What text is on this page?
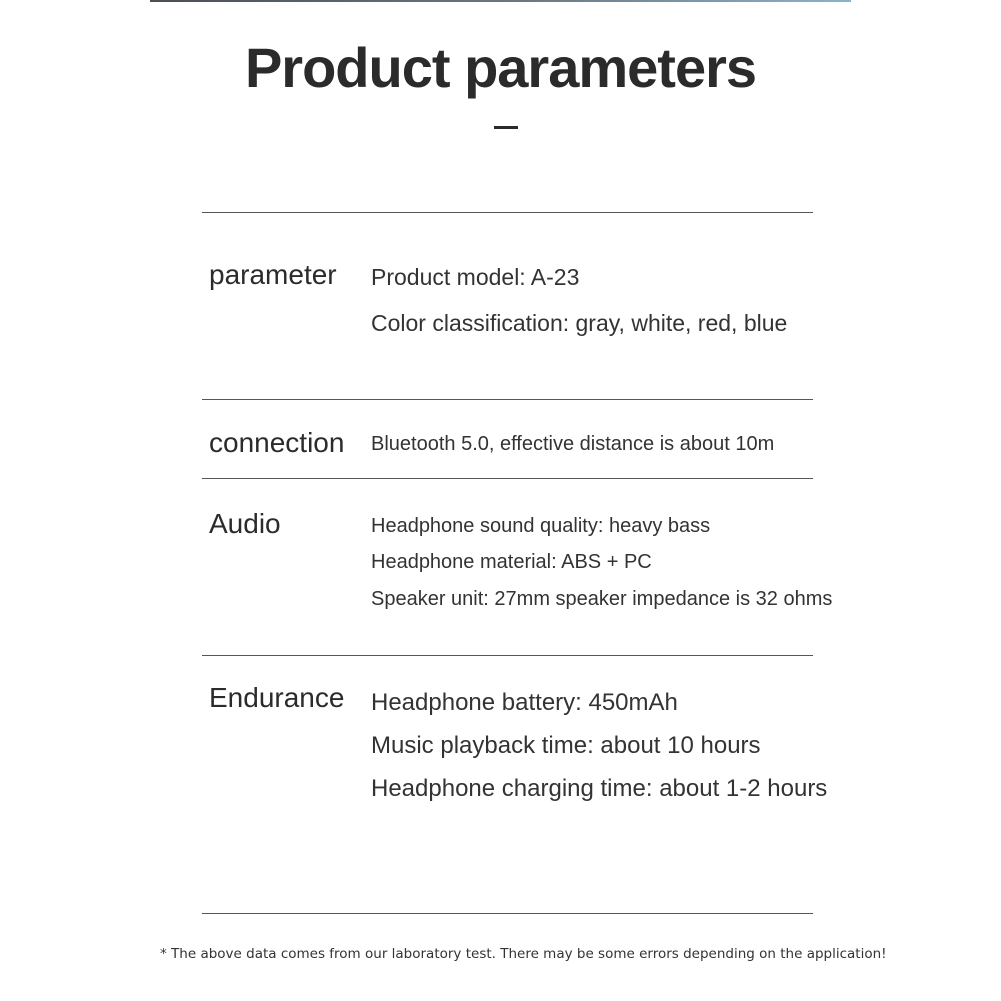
Product parameters
parameter Product model: A-23
Color classification: gray, white, red, blue
connection Bluetooth 5.0, effective distance is about 10m
Audio	Headphone sound quality: heavy bass
Headphone material: ABS + PC
Speaker unit: 27mm speaker impedance is 32 ohms
Endurance Headphone battery: 450mAh
Music playback time: about 10 hours
Headphone charging time: about 1-2 hours
* The above data comes from our laboratory test. There may be some errors depending on the application!
